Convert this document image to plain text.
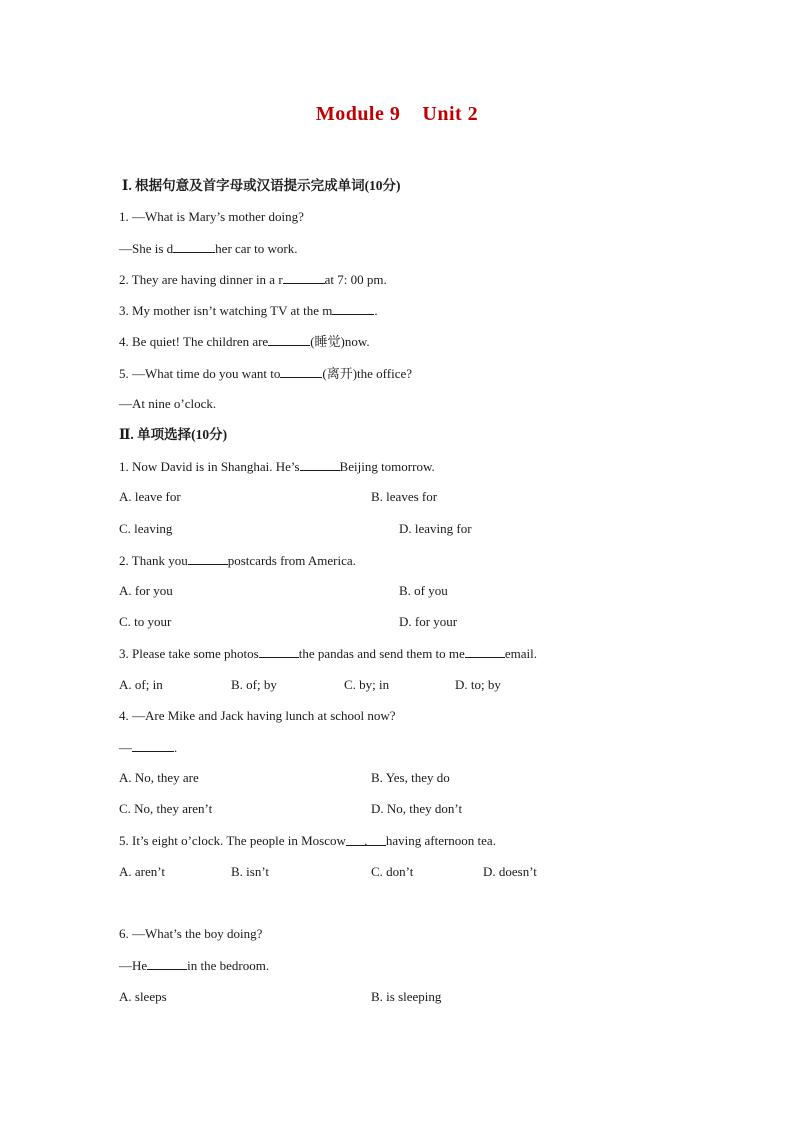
Module 9 Unit 2
Ⅰ. 根据句意及首字母或汉语提示完成单词(10分)
1. —What is Mary’s mother doing?
—She is d	her car to work.
2. They are having dinner in a r	at 7: 00 pm.
3. My mother isn’t watching TV at the m	.
4. Be quiet! The children are	(睡觉)now.
5. —What time do you want to	(离开)the office?
—At nine o’clock.
Ⅱ. 单项选择(10分)
1. Now David is in Shanghai. He’s	Beijing tomorrow.
A. leave for	B. leaves for
C. leaving	D. leaving for
2. Thank you	postcards from America.
A. for you	B. of you
C. to your	D. for your
3. Please take some photos	the pandas and send them to me	email.
A. of; in	B. of; by	C. by; in	D. to; by
4. —Are Mike and Jack having lunch at school now?
—	.
A. No, they are	B. Yes, they do
C. No, they aren’t	D. No, they don’t
5. It’s eight o’clock. The people in Moscow  .  having afternoon tea.
A. aren’t	B. isn’t	C. don’t	D. doesn’t
6. —What’s the boy doing?
—He	in the bedroom.
A. sleeps	B. is sleeping
